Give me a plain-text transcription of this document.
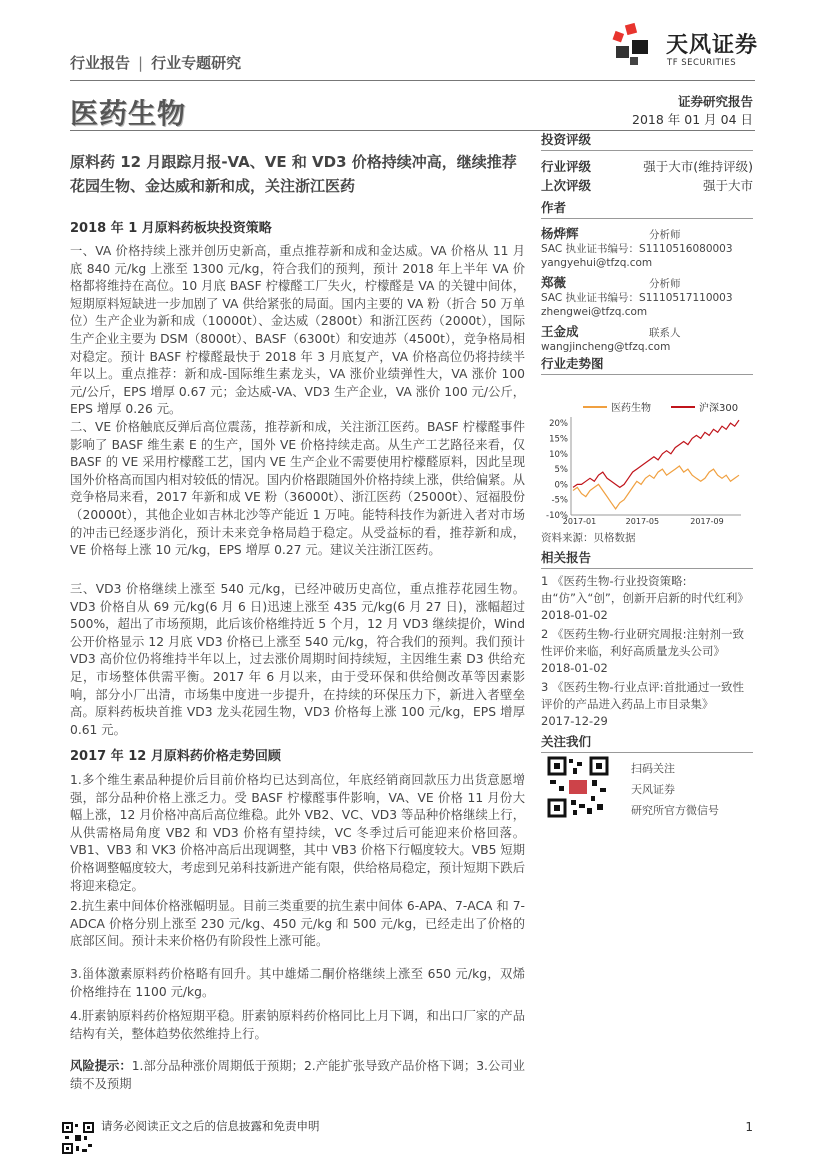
行业报告 | 行业专题研究
医药生物
天风证券
TF SECURITIES
证券研究报告
2018 年 01 月 04 日
原料药 12 月跟踪月报-VA、VE 和 VD3 价格持续冲高，继续推荐花园生物、金达威和新和成，关注浙江医药
2018 年 1 月原料药板块投资策略
一、VA 价格持续上涨并创历史新高，重点推荐新和成和金达威。VA 价格从 11 月底 840 元/kg 上涨至 1300 元/kg，符合我们的预判，预计 2018 年上半年 VA 价格都将维持在高位。10 月底 BASF 柠檬醛工厂失火，柠檬醛是 VA 的关键中间体，短期原料短缺进一步加剧了 VA 供给紧张的局面。国内主要的 VA 粉（折合 50 万单位）生产企业为新和成（10000t）、金达威（2800t）和浙江医药（2000t），国际生产企业主要为 DSM（8000t）、BASF（6300t）和安迪苏（4500t），竞争格局相对稳定。预计 BASF 柠檬醛最快于 2018 年 3 月底复产，VA 价格高位仍将持续半年以上。重点推荐：新和成-国际维生素龙头，VA 涨价业绩弹性大，VA 涨价 100 元/公斤，EPS 增厚 0.67 元；金达威-VA、VD3 生产企业，VA 涨价 100 元/公斤，EPS 增厚 0.26 元。
二、VE 价格触底反弹后高位震荡，推荐新和成，关注浙江医药。BASF 柠檬醛事件影响了 BASF 维生素 E 的生产，国外 VE 价格持续走高。从生产工艺路径来看，仅 BASF 的 VE 采用柠檬醛工艺，国内 VE 生产企业不需要使用柠檬醛原料，因此呈现国外价格高而国内相对较低的情况。国内价格跟随国外价格持续上涨，供给偏紧。从竞争格局来看，2017 年新和成 VE 粉（36000t）、浙江医药（25000t）、冠福股份（20000t），其他企业如吉林北沙等产能近 1 万吨。能特科技作为新进入者对市场的冲击已经逐步消化，预计未来竞争格局趋于稳定。从受益标的看，推荐新和成，VE 价格每上涨 10 元/kg，EPS 增厚 0.27 元。建议关注浙江医药。
三、VD3 价格继续上涨至 540 元/kg，已经冲破历史高位，重点推荐花园生物。VD3 价格自从 69 元/kg(6 月 6 日)迅速上涨至 435 元/kg(6 月 27 日)，涨幅超过 500%，超出了市场预期，此后该价格维持近 5 个月，12 月 VD3 继续提价，Wind 公开价格显示 12 月底 VD3 价格已上涨至 540 元/kg，符合我们的预判。我们预计 VD3 高价位仍将维持半年以上，过去涨价周期时间持续短，主因维生素 D3 供给充足，市场整体供需平衡。2017 年 6 月以来，由于受环保和供给侧改革等因素影响，部分小厂出清，市场集中度进一步提升，在持续的环保压力下，新进入者壁垒高。原料药板块首推 VD3 龙头花园生物，VD3 价格每上涨 100 元/kg，EPS 增厚 0.61 元。
2017 年 12 月原料药价格走势回顾
1.多个维生素品种提价后目前价格均已达到高位，年底经销商回款压力出货意愿增强，部分品种价格上涨乏力。受 BASF 柠檬醛事件影响，VA、VE 价格 11 月份大幅上涨，12 月价格冲高后高位维稳。此外 VB2、VC、VD3 等品种价格继续上行，从供需格局角度 VB2 和 VD3 价格有望持续，VC 冬季过后可能迎来价格回落。VB1、VB3 和 VK3 价格冲高后出现调整，其中 VB3 价格下行幅度较大。VB5 短期价格调整幅度较大，考虑到兄弟科技新进产能有限，供给格局稳定，预计短期下跌后将迎来稳定。
2.抗生素中间体价格涨幅明显。目前三类重要的抗生素中间体 6-APA、7-ACA 和 7-ADCA 价格分别上涨至 230 元/kg、450 元/kg 和 500 元/kg，已经走出了价格的底部区间。预计未来价格仍有阶段性上涨可能。
3.甾体激素原料药价格略有回升。其中雄烯二酮价格继续上涨至 650 元/kg，双烯价格维持在 1100 元/kg。
4.肝素钠原料药价格短期平稳。肝素钠原料药价格同比上月下调，和出口厂家的产品结构有关，整体趋势依然维持上行。
风险提示：1.部分品种涨价周期低于预期；2.产能扩张导致产品价格下调；3.公司业绩不及预期
投资评级
行业评级	强于大市(维持评级)
上次评级	强于大市
作者
杨烨辉	分析师
SAC 执业证书编号：S1110516080003
yangyehui@tfzq.com
郑薇	分析师
SAC 执业证书编号：S1110517110003
zhengwei@tfzq.com
王金成	联系人
wangjincheng@tfzq.com
行业走势图
医药生物	沪深300
20%
15%
10%
5%
0%
-5%
-10%
2017-01	2017-05	2017-09
资料来源：贝格数据
相关报告
1 《医药生物-行业投资策略:由“仿”入“创”，创新开启新的时代红利》
2018-01-02
2 《医药生物-行业研究周报:注射剂一致性评价来临，利好高质量龙头公司》
2018-01-02
3 《医药生物-行业点评:首批通过一致性评价的产品进入药品上市目录集》
2017-12-29
关注我们
扫码关注
天风证券
研究所官方微信号
请务必阅读正文之后的信息披露和免责申明	1
